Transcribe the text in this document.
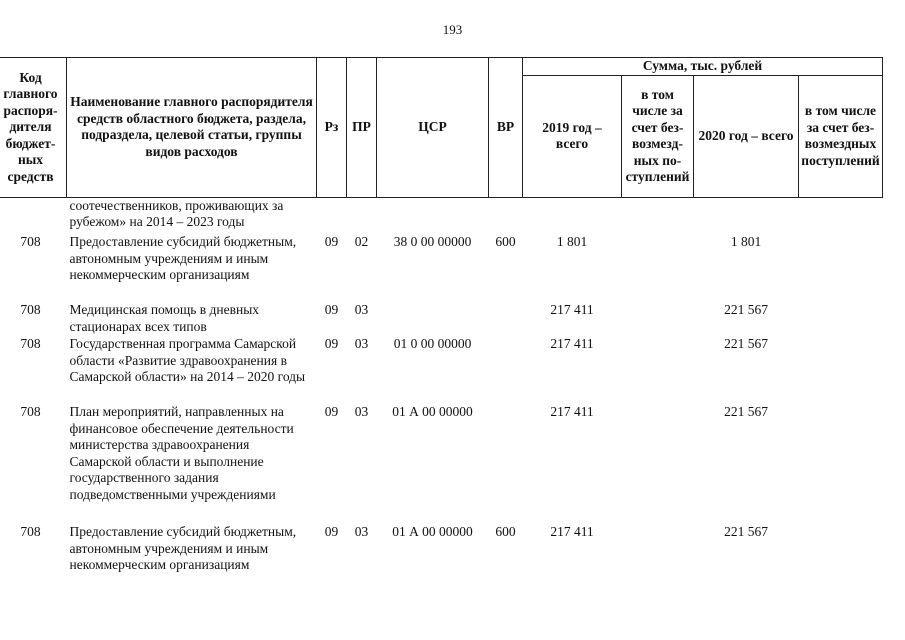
193
Код главного распорядителя бюджетных средств	Наименование главного распорядителя средств областного бюджета, раздела, подраздела, целевой статьи, группы видов расходов	Рз	ПР	ЦСР	ВР	Сумма, тыс. рублей			
						2019 год – всего	в том числе за счет безвозмездных поступлений	2020 год – всего	в том числе за счет безвозмездных поступлений
	соотечественников, проживающих за рубежом» на 2014 – 2023 годы								
708	Предоставление субсидий бюджетным, автономным учреждениям и иным некоммерческим организациям	09	02	38 0 00 00000	600	1 801		1 801	
708	Медицинская помощь в дневных стационарах всех типов	09	03			217 411		221 567	
708	Государственная программа Самарской области «Развитие здравоохранения в Самарской области» на 2014 – 2020 годы	09	03	01 0 00 00000		217 411		221 567	
708	План мероприятий, направленных на финансовое обеспечение деятельности министерства здравоохранения Самарской области и выполнение государственного задания подведомственными учреждениями	09	03	01 А 00 00000		217 411		221 567	
708	Предоставление субсидий бюджетным, автономным учреждениям и иным некоммерческим организациям	09	03	01 А 00 00000	600	217 411		221 567	
